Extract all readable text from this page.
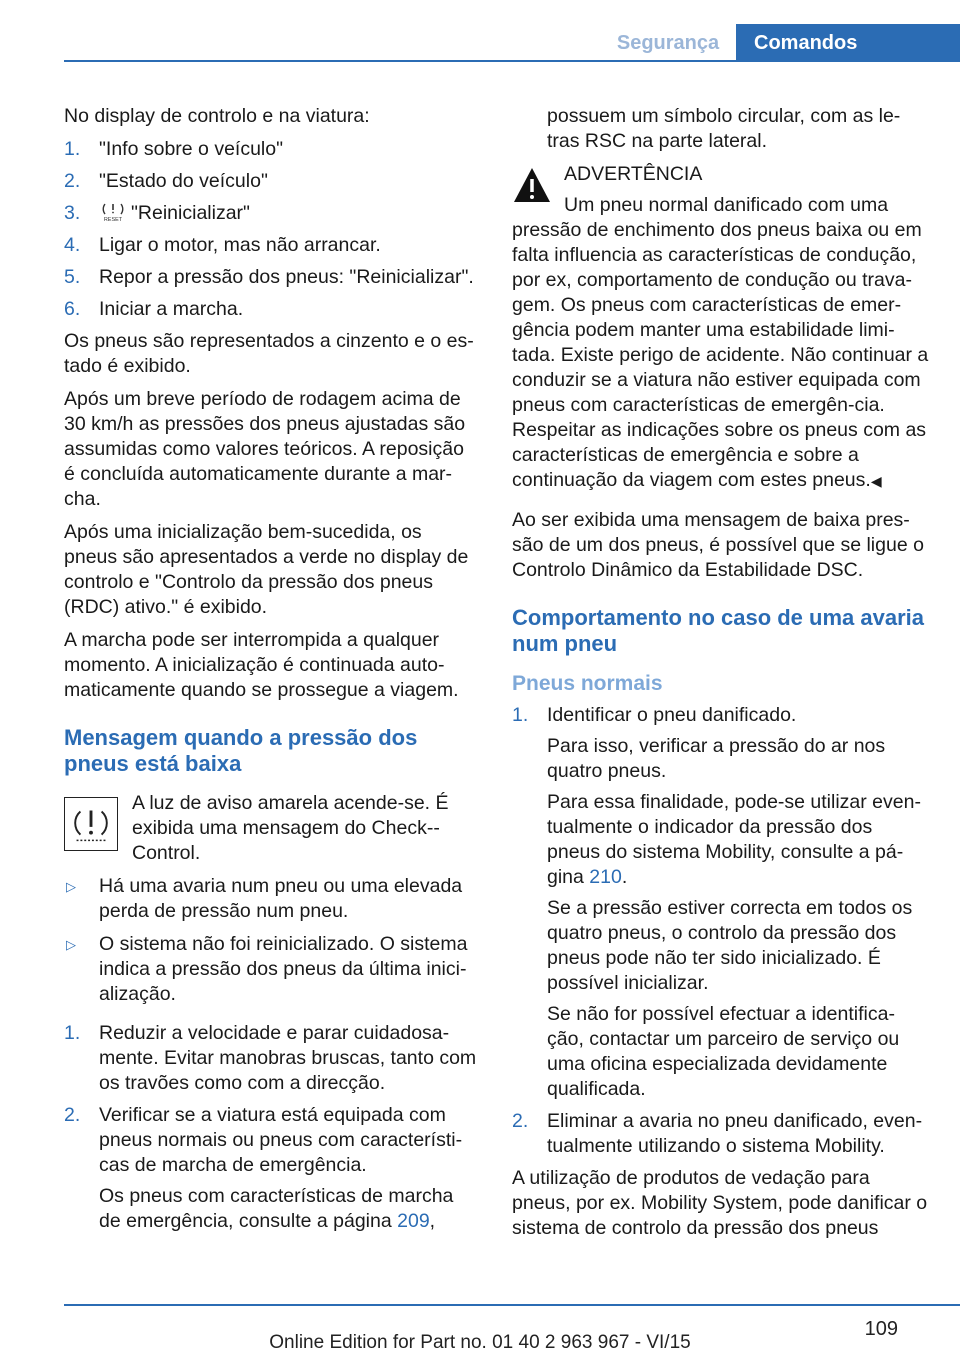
Segurança	Comandos

No display de controlo e na viatura:

1. "Info sobre o veículo"
2. "Estado do veículo"
3.	RESET "Reinicializar"
4. Ligar o motor, mas não arrancar.
5. Repor a pressão dos pneus: "Reinicializar".
6. Iniciar a marcha.

Os pneus são representados a cinzento e o es-tado é exibido.

Após um breve período de rodagem acima de 30 km/h as pressões dos pneus ajustadas são assumidas como valores teóricos. A reposição é concluída automaticamente durante a mar-cha.

Após uma inicialização bem-sucedida, os pneus são apresentados a verde no display de controlo e "Controlo da pressão dos pneus (RDC) ativo." é exibido.

A marcha pode ser interrompida a qualquer momento. A inicialização é continuada auto-maticamente quando se prossegue a viagem.

Mensagem quando a pressão dos pneus está baixa
A luz de aviso amarela acende-se. É exibida uma mensagem do Check--Control.
▷ Há uma avaria num pneu ou uma elevada perda de pressão num pneu.
▷ O sistema não foi reinicializado. O sistema indica a pressão dos pneus da última inici-alização.
1. Reduzir a velocidade e parar cuidadosa-mente. Evitar manobras bruscas, tanto com os travões como com a direcção.
2. Verificar se a viatura está equipada com pneus normais ou pneus com característi-cas de marcha de emergência.

Os pneus com características de marcha de emergência, consulte a página 209,

possuem um símbolo circular, com as le-tras RSC na parte lateral.

ADVERTÊNCIA
Um pneu normal danificado com uma pressão de enchimento dos pneus baixa ou em falta influencia as características de condução, por ex, comportamento de condução ou trava-gem. Os pneus com características de emer-gência podem manter uma estabilidade limi-tada. Existe perigo de acidente. Não continuar a conduzir se a viatura não estiver equipada com pneus com características de emergên-cia. Respeitar as indicações sobre os pneus com as características de emergência e sobre a continuação da viagem com estes pneus.◀

Ao ser exibida uma mensagem de baixa pres-são de um dos pneus, é possível que se ligue o Controlo Dinâmico da Estabilidade DSC.

Comportamento no caso de uma avaria num pneu
Pneus normais
1. Identificar o pneu danificado.

Para isso, verificar a pressão do ar nos quatro pneus.

Para essa finalidade, pode-se utilizar even-tualmente o indicador da pressão dos pneus do sistema Mobility, consulte a pá-gina 210.

Se a pressão estiver correcta em todos os quatro pneus, o controlo da pressão dos pneus pode não ter sido inicializado. É possível inicializar.

Se não for possível efectuar a identifica-ção, contactar um parceiro de serviço ou uma oficina especializada devidamente qualificada.

2. Eliminar a avaria no pneu danificado, even-tualmente utilizando o sistema Mobility.

A utilização de produtos de vedação para pneus, por ex. Mobility System, pode danificar o sistema de controlo da pressão dos pneus

109
Online Edition for Part no. 01 40 2 963 967 - VI/15
